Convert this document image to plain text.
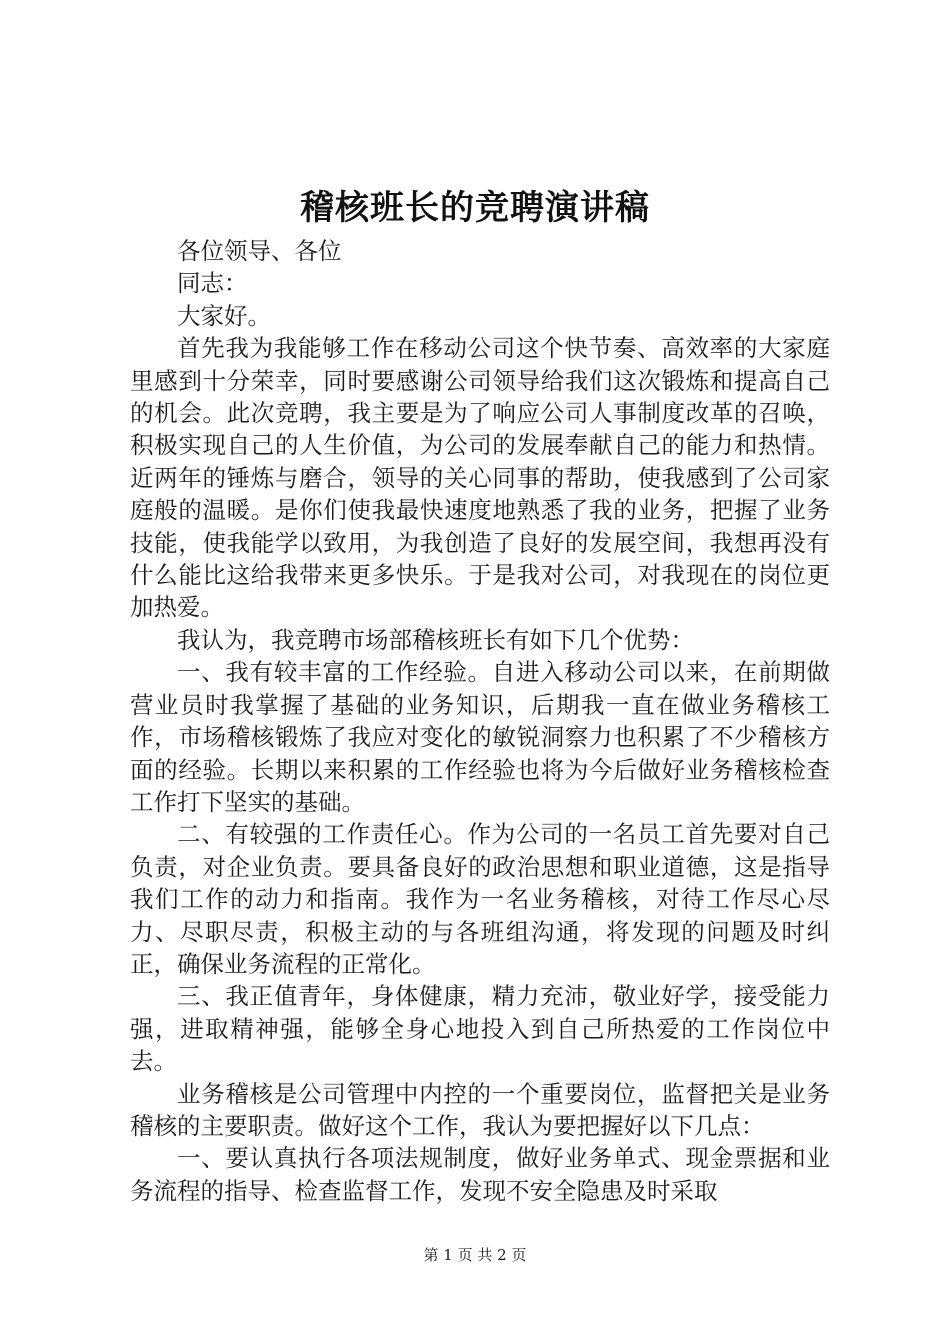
稽核班长的竞聘演讲稿

各位领导、各位

同志：

大家好。

首先我为我能够工作在移动公司这个快节奏、高效率的大家庭里感到十分荣幸，同时要感谢公司领导给我们这次锻炼和提高自己的机会。此次竞聘，我主要是为了响应公司人事制度改革的召唤，积极实现自己的人生价值，为公司的发展奉献自己的能力和热情。近两年的锤炼与磨合，领导的关心同事的帮助，使我感到了公司家庭般的温暖。是你们使我最快速度地熟悉了我的业务，把握了业务技能，使我能学以致用，为我创造了良好的发展空间，我想再没有什么能比这给我带来更多快乐。于是我对公司，对我现在的岗位更加热爱。

我认为，我竞聘市场部稽核班长有如下几个优势：

一、我有较丰富的工作经验。自进入移动公司以来，在前期做营业员时我掌握了基础的业务知识，后期我一直在做业务稽核工作，市场稽核锻炼了我应对变化的敏锐洞察力也积累了不少稽核方面的经验。长期以来积累的工作经验也将为今后做好业务稽核检查工作打下坚实的基础。

二、有较强的工作责任心。作为公司的一名员工首先要对自己负责，对企业负责。要具备良好的政治思想和职业道德，这是指导我们工作的动力和指南。我作为一名业务稽核，对待工作尽心尽力、尽职尽责，积极主动的与各班组沟通，将发现的问题及时纠正，确保业务流程的正常化。

三、我正值青年，身体健康，精力充沛，敬业好学，接受能力强，进取精神强，能够全身心地投入到自己所热爱的工作岗位中去。

业务稽核是公司管理中内控的一个重要岗位，监督把关是业务稽核的主要职责。做好这个工作，我认为要把握好以下几点：

一、要认真执行各项法规制度，做好业务单式、现金票据和业务流程的指导、检查监督工作，发现不安全隐患及时采取

第 1 页 共 2 页
